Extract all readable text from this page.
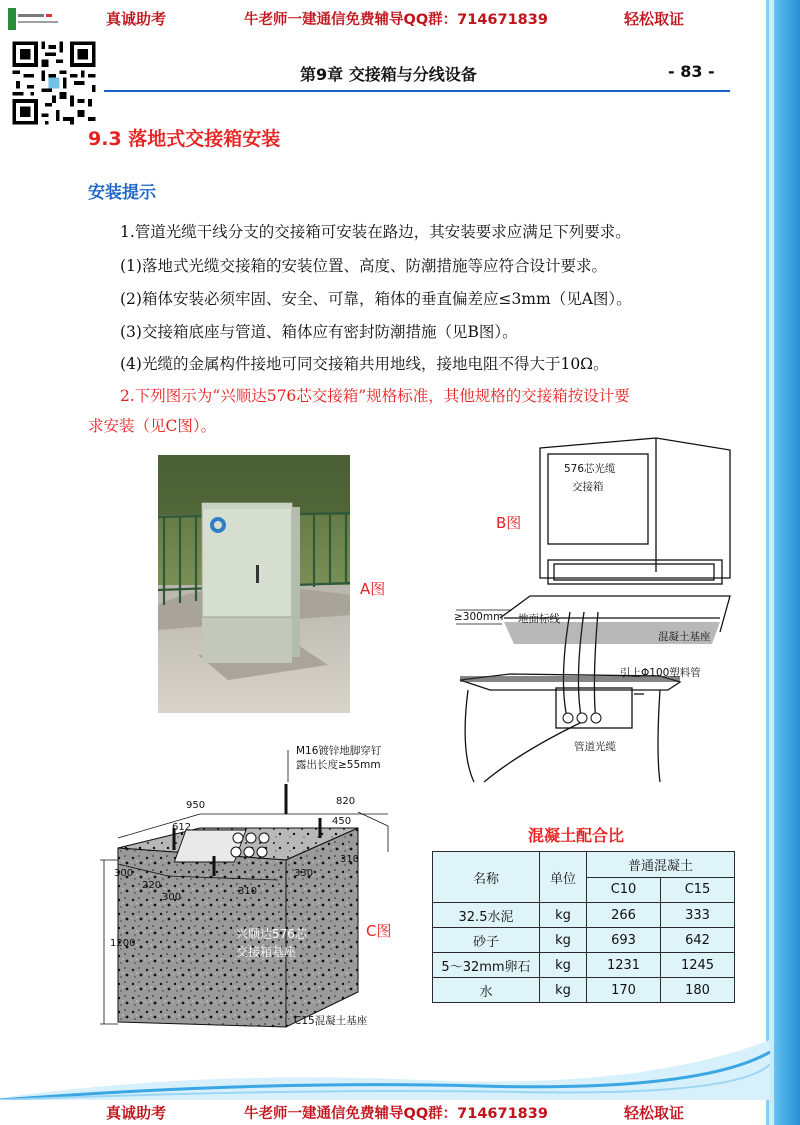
真诚助考	牛老师一建通信免费辅导QQ群：714671839	轻松取证
第9章 交接箱与分线设备	- 83 -
9.3 落地式交接箱安装
安装提示
1.管道光缆干线分支的交接箱可安装在路边，其安装要求应满足下列要求。
(1)落地式光缆交接箱的安装位置、高度、防潮措施等应符合设计要求。
(2)箱体安装必须牢固、安全、可靠，箱体的垂直偏差应≤3mm（见A图）。
(3)交接箱底座与管道、箱体应有密封防潮措施（见B图）。
(4)光缆的金属构件接地可同交接箱共用地线，接地电阻不得大于10Ω。
2.下列图示为“兴顺达576芯交接箱”规格标准，其他规格的交接箱按设计要
求安装（见C图）。
A图
576芯光缆
交接箱
地面标线
≥300mm
混凝土基座
引上Φ100塑料管
管道光缆
B图
M16镀锌地脚穿钉
露出长度≥55mm
950	820
612
450
310
300
220
330
300
310
1200
兴顺达576芯
交接箱基座
C15混凝土基座
C图
混凝土配合比
名称	单位	普通混凝土	
		C10	C15
32.5水泥	kg	266	333
砂子	kg	693	642
5～32mm卵石	kg	1231	1245
水	kg	170	180
真诚助考	牛老师一建通信免费辅导QQ群：714671839	轻松取证
